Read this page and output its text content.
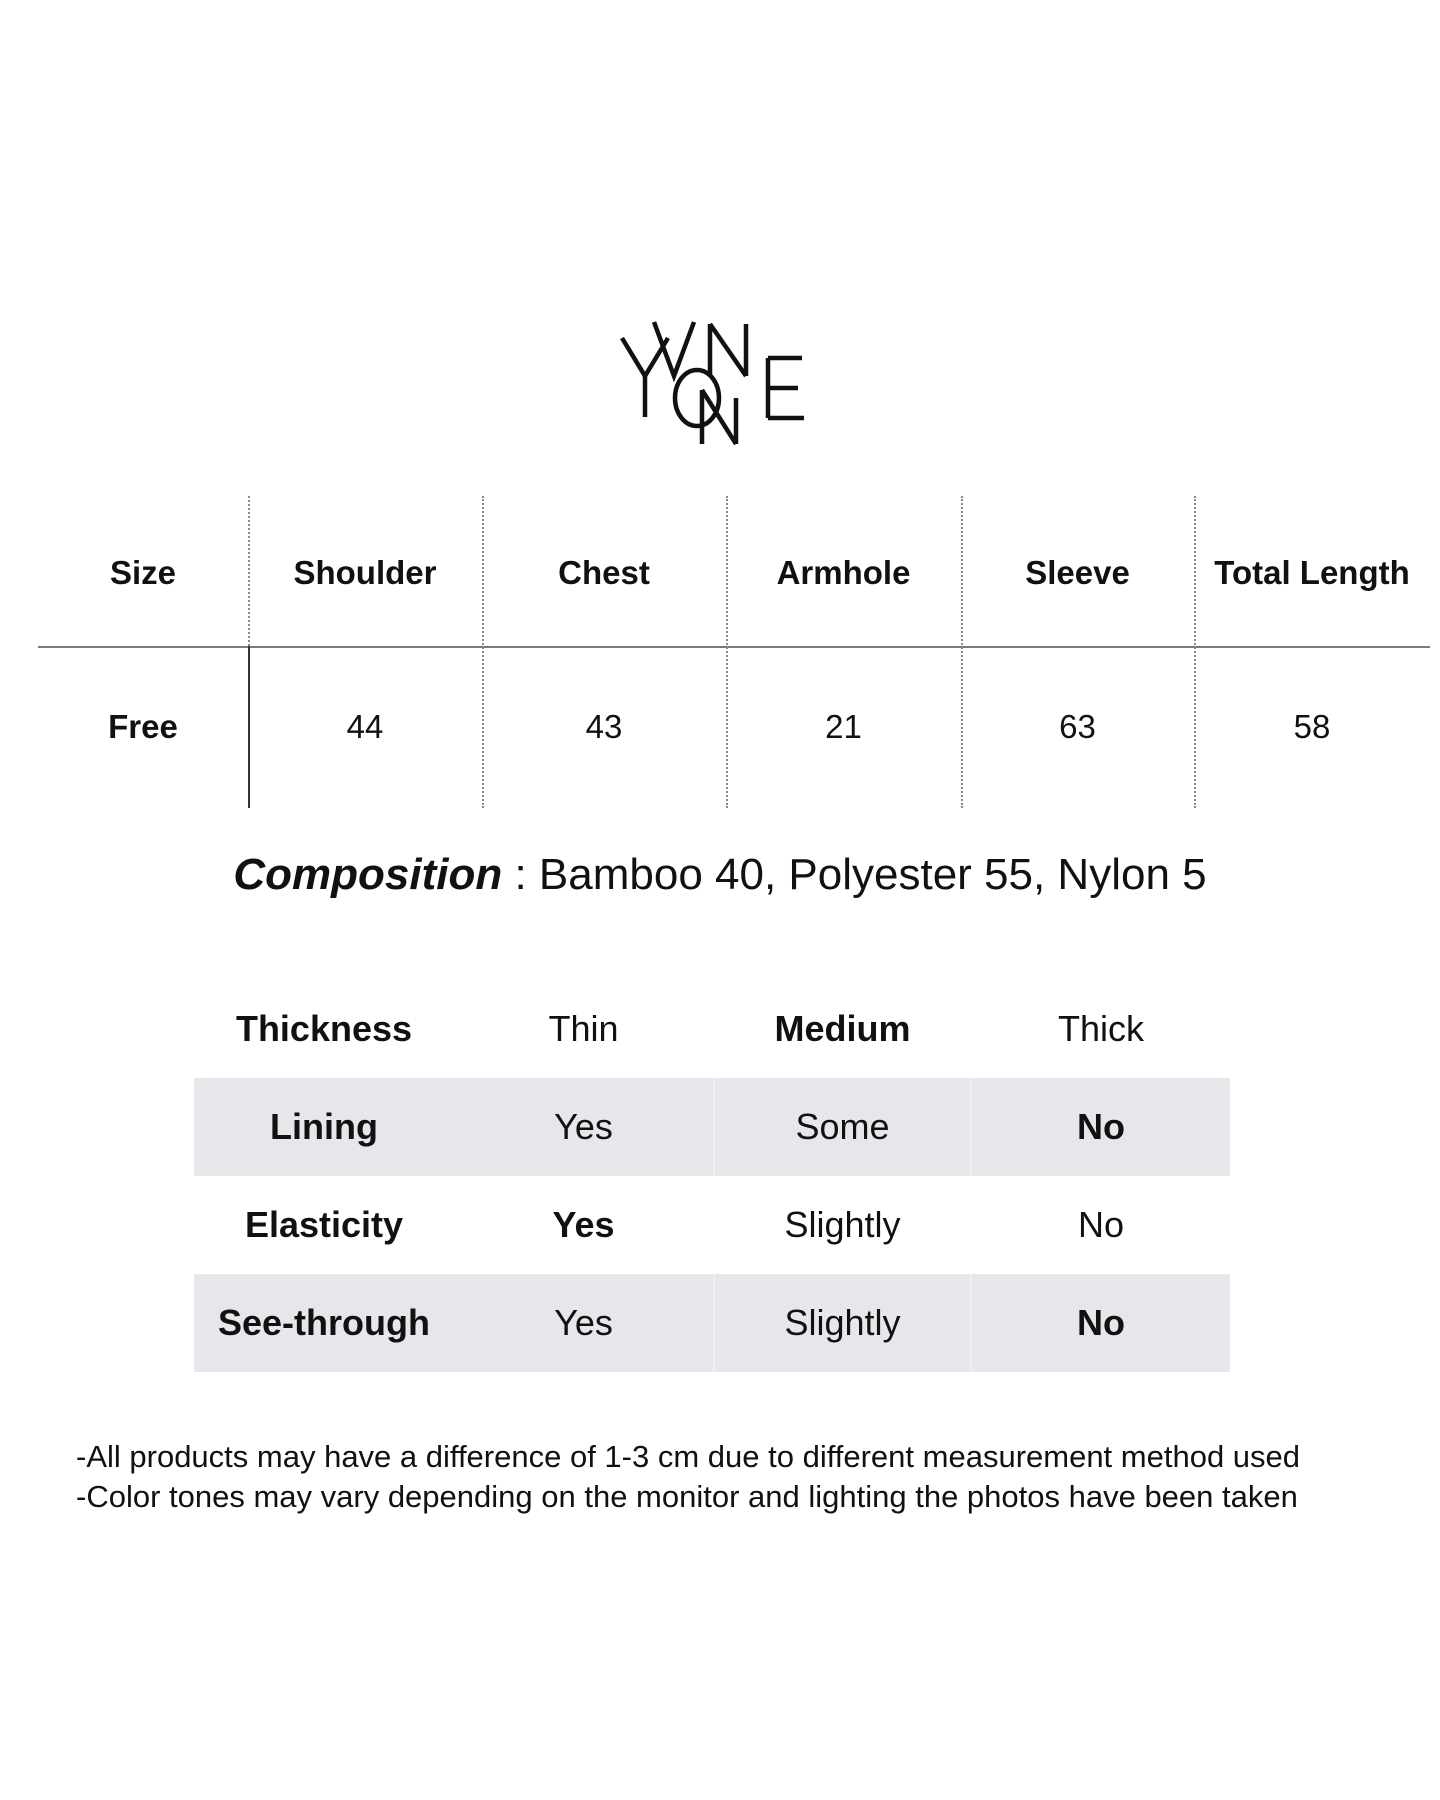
Size	Shoulder	Chest	Armhole	Sleeve	Total Length
Free	44	43	21	63	58
Composition : Bamboo 40, Polyester 55, Nylon 5
Thickness	Thin	Medium	Thick
Lining	Yes	Some	No
Elasticity	Yes	Slightly	No
See-through	Yes	Slightly	No
-All products may have a difference of 1-3 cm due to different measurement method used
-Color tones may vary depending on the monitor and lighting the photos have been taken
